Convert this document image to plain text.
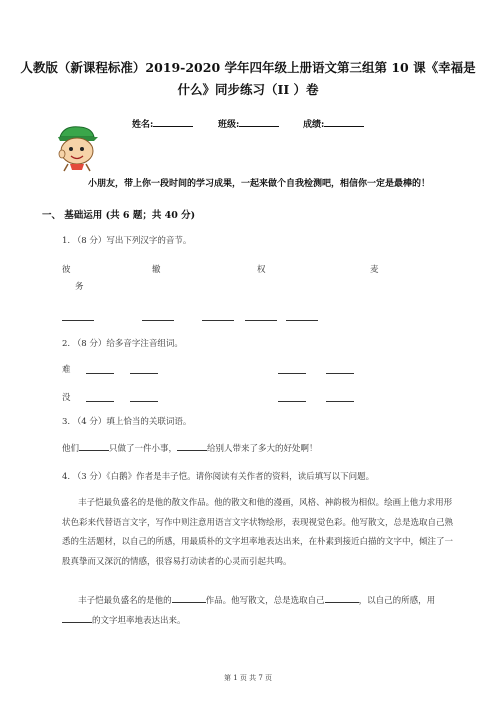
人教版（新课程标准）2019-2020 学年四年级上册语文第三组第 10 课《幸福是
什么》同步练习（II ）卷
姓名:	班级:	成绩:
小朋友，带上你一段时间的学习成果，一起来做个自我检测吧，相信你一定是最棒的！
一、 基础运用 (共 6 题；共 40 分)
1. （8 分）写出下列汉字的音节。
彼	辙	权	麦
务
2. （8 分）给多音字注音组词。
难
没
3. （4 分）填上恰当的关联词语。
他们	只做了一件小事，	给别人带来了多大的好处啊！
4. （3 分）《白鹅》作者是丰子恺。请你阅读有关作者的资料，读后填写以下问题。
丰子恺最负盛名的是他的散文作品。他的散文和他的漫画，风格、神韵极为相似。绘画上他力求用形状色彩来代替语言文字，写作中则注意用语言文字状物绘形，表现视觉色彩。他写散文，总是选取自己熟悉的生活题材，以自己的所感，用最质朴的文字坦率地表达出来，在朴素到接近白描的文字中，倾注了一股真挚而又深沉的情感，很容易打动读者的心灵而引起共鸣。
丰子恺最负盛名的是他的	作品。他写散文，总是选取自己	，以自己的所感，用的文字坦率地表达出来。
第 1 页 共 7 页
